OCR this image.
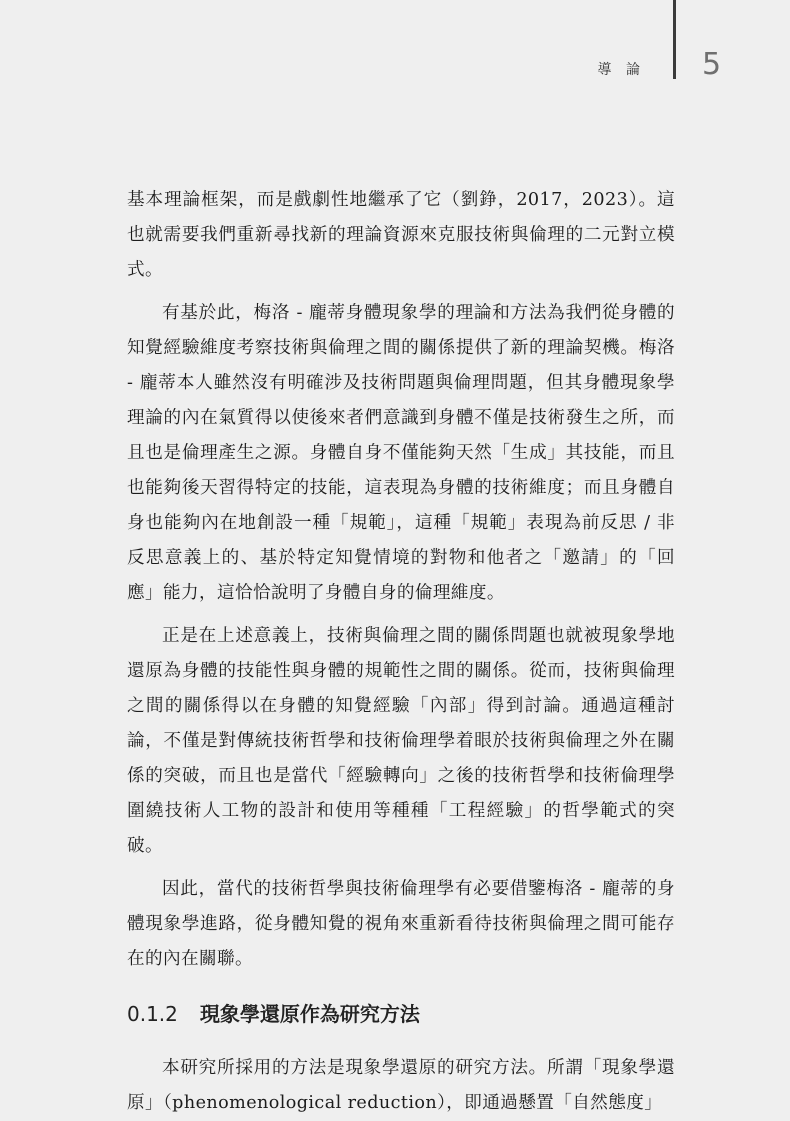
導 論 5

基本理論框架，而是戲劇性地繼承了它（劉錚，2017，2023）。這也就需要我們重新尋找新的理論資源來克服技術與倫理的二元對立模式。

有基於此，梅洛 - 龐蒂身體現象學的理論和方法為我們從身體的知覺經驗維度考察技術與倫理之間的關係提供了新的理論契機。梅洛 - 龐蒂本人雖然沒有明確涉及技術問題與倫理問題，但其身體現象學理論的內在氣質得以使後來者們意識到身體不僅是技術發生之所，而且也是倫理產生之源。身體自身不僅能夠天然「生成」其技能，而且也能夠後天習得特定的技能，這表現為身體的技術維度；而且身體自身也能夠內在地創設一種「規範」，這種「規範」表現為前反思 / 非反思意義上的、基於特定知覺情境的對物和他者之「邀請」的「回應」能力，這恰恰說明了身體自身的倫理維度。

正是在上述意義上，技術與倫理之間的關係問題也就被現象學地還原為身體的技能性與身體的規範性之間的關係。從而，技術與倫理之間的關係得以在身體的知覺經驗「內部」得到討論。通過這種討論，不僅是對傳統技術哲學和技術倫理學着眼於技術與倫理之外在關係的突破，而且也是當代「經驗轉向」之後的技術哲學和技術倫理學圍繞技術人工物的設計和使用等種種「工程經驗」的哲學範式的突破。

因此，當代的技術哲學與技術倫理學有必要借鑒梅洛 - 龐蒂的身體現象學進路，從身體知覺的視角來重新看待技術與倫理之間可能存在的內在關聯。

0.1.2 現象學還原作為研究方法

本研究所採用的方法是現象學還原的研究方法。所謂「現象學還原」（phenomenological reduction），即通過懸置「自然態度」
